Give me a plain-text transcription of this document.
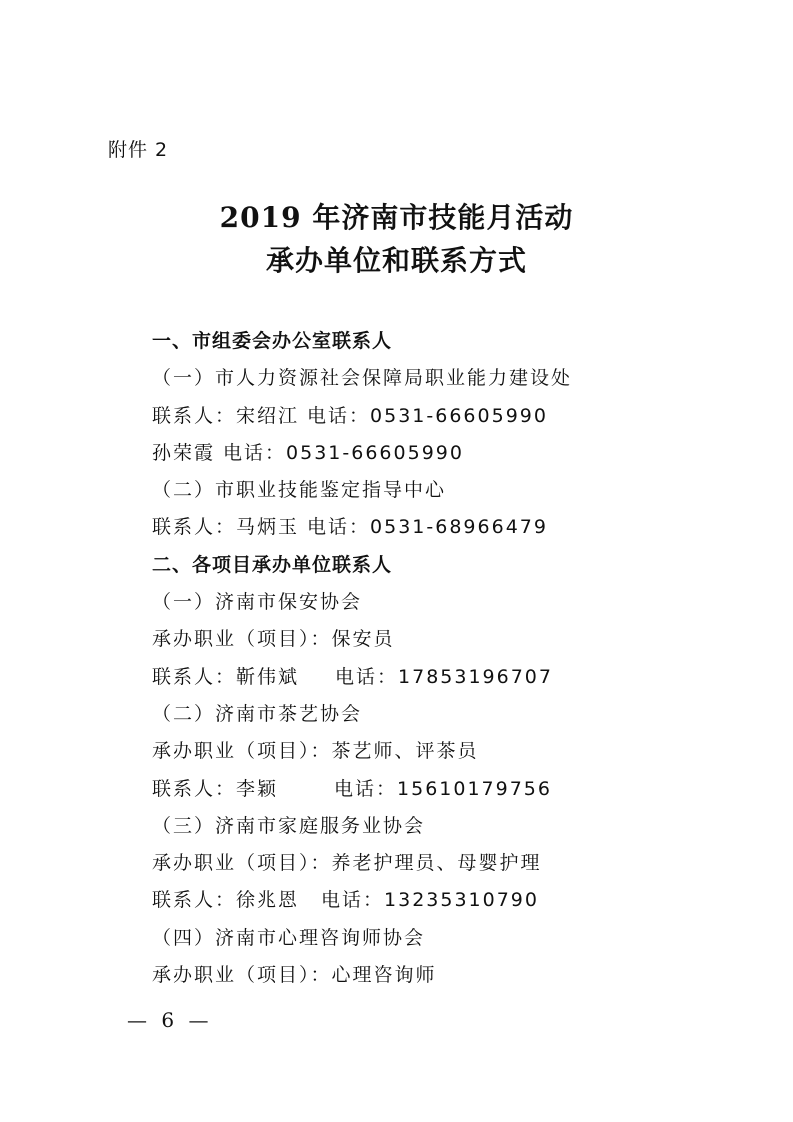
附件 2
2019 年济南市技能月活动
承办单位和联系方式
一、市组委会办公室联系人
（一）市人力资源社会保障局职业能力建设处
联系人：宋绍江 电话：0531-66605990
孙荣霞 电话：0531-66605990
（二）市职业技能鉴定指导中心
联系人：马炳玉 电话：0531-68966479
二、各项目承办单位联系人
（一）济南市保安协会
承办职业（项目）：保安员
联系人：靳伟斌 电话：17853196707
（二）济南市茶艺协会
承办职业（项目）：茶艺师、评茶员
联系人：李颖	电话：15610179756
（三）济南市家庭服务业协会
承办职业（项目）：养老护理员、母婴护理
联系人：徐兆恩 电话：13235310790
（四）济南市心理咨询师协会
承办职业（项目）：心理咨询师
— 6 —
